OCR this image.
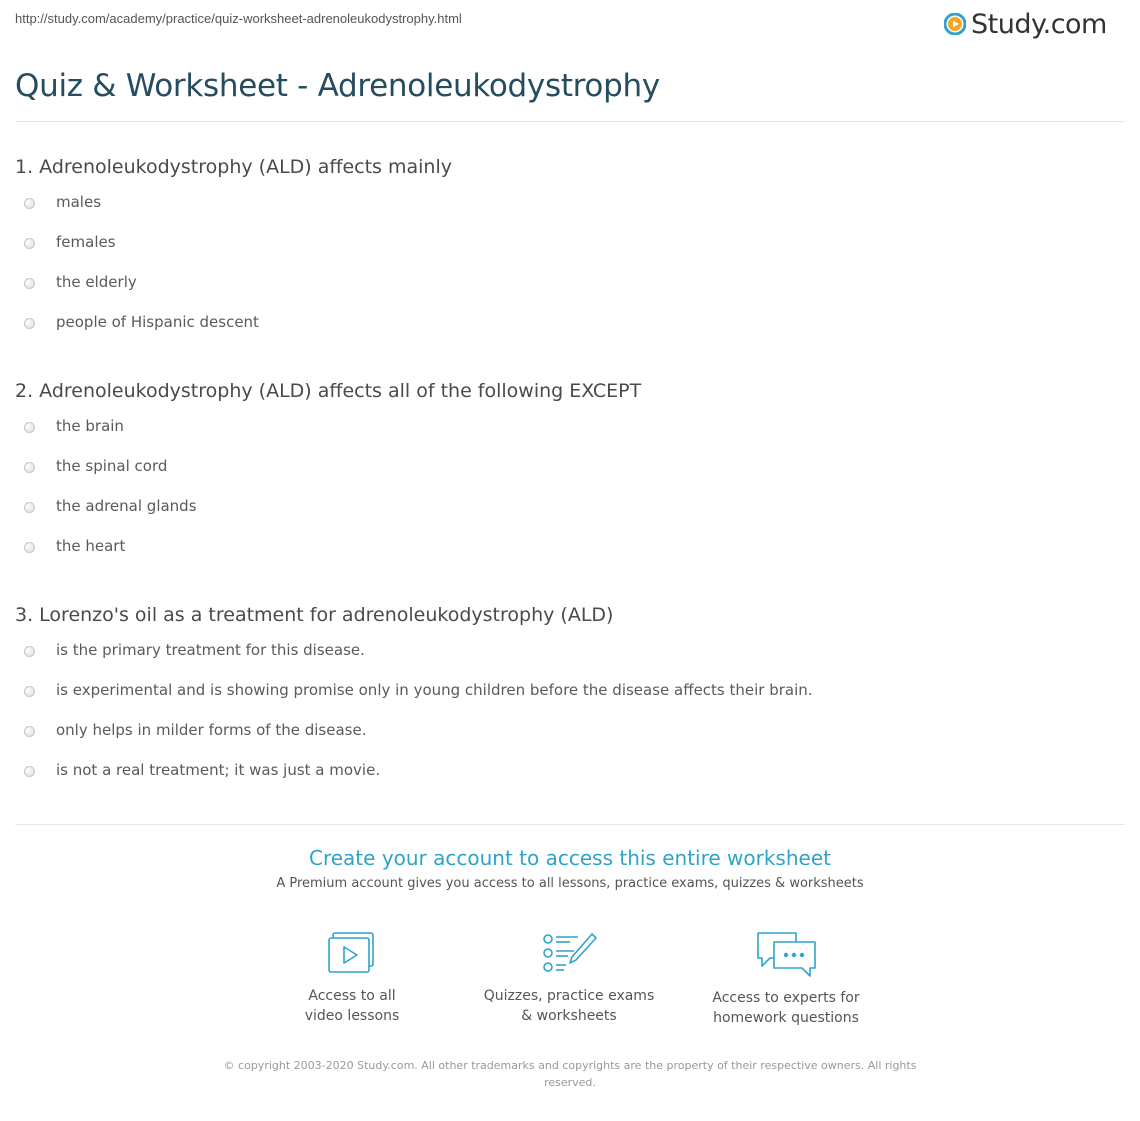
http://study.com/academy/practice/quiz-worksheet-adrenoleukodystrophy.html	Study.com
Quiz & Worksheet - Adrenoleukodystrophy
1. Adrenoleukodystrophy (ALD) affects mainly
males
females
the elderly
people of Hispanic descent
2. Adrenoleukodystrophy (ALD) affects all of the following EXCEPT
the brain
the spinal cord
the adrenal glands
the heart
3. Lorenzo's oil as a treatment for adrenoleukodystrophy (ALD)
is the primary treatment for this disease.
is experimental and is showing promise only in young children before the disease affects their brain.
only helps in milder forms of the disease.
is not a real treatment; it was just a movie.
Create your account to access this entire worksheet

A Premium account gives you access to all lessons, practice exams, quizzes & worksheets

Access to all
video lessons
Quizzes, practice exams
& worksheets
Access to experts for
homework questions
© copyright 2003-2020 Study.com. All other trademarks and copyrights are the property of their respective owners. All rights reserved.
